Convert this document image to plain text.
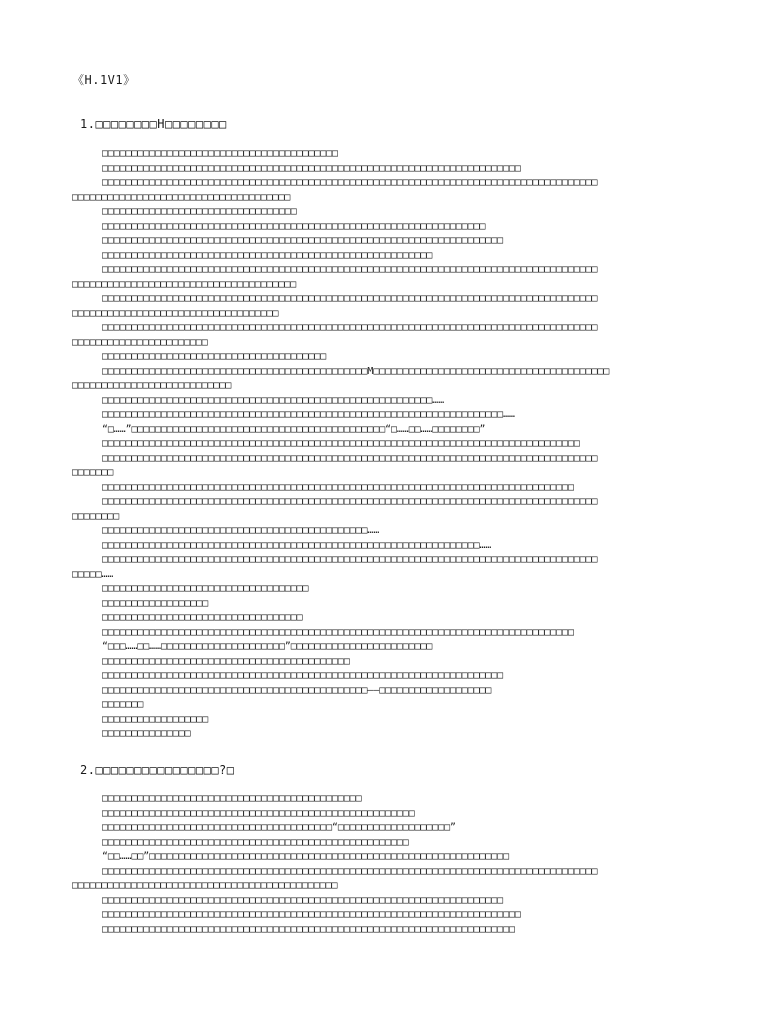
《H.1V1》
1.□□□□□□□□H□□□□□□□□
□□□□□□□□□□□□□□□□□□□□□□□□□□□□□□□□□□□□□□□□
□□□□□□□□□□□□□□□□□□□□□□□□□□□□□□□□□□□□□□□□□□□□□□□□□□□□□□□□□□□□□□□□□□□□□□□
□□□□□□□□□□□□□□□□□□□□□□□□□□□□□□□□□□□□□□□□□□□□□□□□□□□□□□□□□□□□□□□□□□□□□□□□□□□□□□□□□□□□
□□□□□□□□□□□□□□□□□□□□□□□□□□□□□□□□□□□□□
□□□□□□□□□□□□□□□□□□□□□□□□□□□□□□□□□
□□□□□□□□□□□□□□□□□□□□□□□□□□□□□□□□□□□□□□□□□□□□□□□□□□□□□□□□□□□□□□□□□
□□□□□□□□□□□□□□□□□□□□□□□□□□□□□□□□□□□□□□□□□□□□□□□□□□□□□□□□□□□□□□□□□□□□
□□□□□□□□□□□□□□□□□□□□□□□□□□□□□□□□□□□□□□□□□□□□□□□□□□□□□□□□
□□□□□□□□□□□□□□□□□□□□□□□□□□□□□□□□□□□□□□□□□□□□□□□□□□□□□□□□□□□□□□□□□□□□□□□□□□□□□□□□□□□□
□□□□□□□□□□□□□□□□□□□□□□□□□□□□□□□□□□□□□□
□□□□□□□□□□□□□□□□□□□□□□□□□□□□□□□□□□□□□□□□□□□□□□□□□□□□□□□□□□□□□□□□□□□□□□□□□□□□□□□□□□□□
□□□□□□□□□□□□□□□□□□□□□□□□□□□□□□□□□□□
□□□□□□□□□□□□□□□□□□□□□□□□□□□□□□□□□□□□□□□□□□□□□□□□□□□□□□□□□□□□□□□□□□□□□□□□□□□□□□□□□□□□
□□□□□□□□□□□□□□□□□□□□□□□
□□□□□□□□□□□□□□□□□□□□□□□□□□□□□□□□□□□□□□
□□□□□□□□□□□□□□□□□□□□□□□□□□□□□□□□□□□□□□□□□□□□□M□□□□□□□□□□□□□□□□□□□□□□□□□□□□□□□□□□□□□□□□
□□□□□□□□□□□□□□□□□□□□□□□□□□□
□□□□□□□□□□□□□□□□□□□□□□□□□□□□□□□□□□□□□□□□□□□□□□□□□□□□□□□□……
□□□□□□□□□□□□□□□□□□□□□□□□□□□□□□□□□□□□□□□□□□□□□□□□□□□□□□□□□□□□□□□□□□□□……
“□……”□□□□□□□□□□□□□□□□□□□□□□□□□□□□□□□□□□□□□□□□□□□“□……□□……□□□□□□□□”
□□□□□□□□□□□□□□□□□□□□□□□□□□□□□□□□□□□□□□□□□□□□□□□□□□□□□□□□□□□□□□□□□□□□□□□□□□□□□□□□□
□□□□□□□□□□□□□□□□□□□□□□□□□□□□□□□□□□□□□□□□□□□□□□□□□□□□□□□□□□□□□□□□□□□□□□□□□□□□□□□□□□□□
□□□□□□□
□□□□□□□□□□□□□□□□□□□□□□□□□□□□□□□□□□□□□□□□□□□□□□□□□□□□□□□□□□□□□□□□□□□□□□□□□□□□□□□□
□□□□□□□□□□□□□□□□□□□□□□□□□□□□□□□□□□□□□□□□□□□□□□□□□□□□□□□□□□□□□□□□□□□□□□□□□□□□□□□□□□□□
□□□□□□□□
□□□□□□□□□□□□□□□□□□□□□□□□□□□□□□□□□□□□□□□□□□□□□……
□□□□□□□□□□□□□□□□□□□□□□□□□□□□□□□□□□□□□□□□□□□□□□□□□□□□□□□□□□□□□□□□……
□□□□□□□□□□□□□□□□□□□□□□□□□□□□□□□□□□□□□□□□□□□□□□□□□□□□□□□□□□□□□□□□□□□□□□□□□□□□□□□□□□□□
□□□□□……
□□□□□□□□□□□□□□□□□□□□□□□□□□□□□□□□□□□
□□□□□□□□□□□□□□□□□□
□□□□□□□□□□□□□□□□□□□□□□□□□□□□□□□□□□
□□□□□□□□□□□□□□□□□□□□□□□□□□□□□□□□□□□□□□□□□□□□□□□□□□□□□□□□□□□□□□□□□□□□□□□□□□□□□□□□
“□□□……□□……□□□□□□□□□□□□□□□□□□□□□”□□□□□□□□□□□□□□□□□□□□□□□□
□□□□□□□□□□□□□□□□□□□□□□□□□□□□□□□□□□□□□□□□□□
□□□□□□□□□□□□□□□□□□□□□□□□□□□□□□□□□□□□□□□□□□□□□□□□□□□□□□□□□□□□□□□□□□□□
□□□□□□□□□□□□□□□□□□□□□□□□□□□□□□□□□□□□□□□□□□□□□——□□□□□□□□□□□□□□□□□□□
□□□□□□□
□□□□□□□□□□□□□□□□□□
□□□□□□□□□□□□□□□
2.□□□□□□□□□□□□□□□□?□
□□□□□□□□□□□□□□□□□□□□□□□□□□□□□□□□□□□□□□□□□□□□
□□□□□□□□□□□□□□□□□□□□□□□□□□□□□□□□□□□□□□□□□□□□□□□□□□□□□
□□□□□□□□□□□□□□□□□□□□□□□□□□□□□□□□□□□□□□□“□□□□□□□□□□□□□□□□□□□”
□□□□□□□□□□□□□□□□□□□□□□□□□□□□□□□□□□□□□□□□□□□□□□□□□□□□
“□□……□□”□□□□□□□□□□□□□□□□□□□□□□□□□□□□□□□□□□□□□□□□□□□□□□□□□□□□□□□□□□□□□
□□□□□□□□□□□□□□□□□□□□□□□□□□□□□□□□□□□□□□□□□□□□□□□□□□□□□□□□□□□□□□□□□□□□□□□□□□□□□□□□□□□□
□□□□□□□□□□□□□□□□□□□□□□□□□□□□□□□□□□□□□□□□□□□□□
□□□□□□□□□□□□□□□□□□□□□□□□□□□□□□□□□□□□□□□□□□□□□□□□□□□□□□□□□□□□□□□□□□□□
□□□□□□□□□□□□□□□□□□□□□□□□□□□□□□□□□□□□□□□□□□□□□□□□□□□□□□□□□□□□□□□□□□□□□□□
□□□□□□□□□□□□□□□□□□□□□□□□□□□□□□□□□□□□□□□□□□□□□□□□□□□□□□□□□□□□□□□□□□□□□□
